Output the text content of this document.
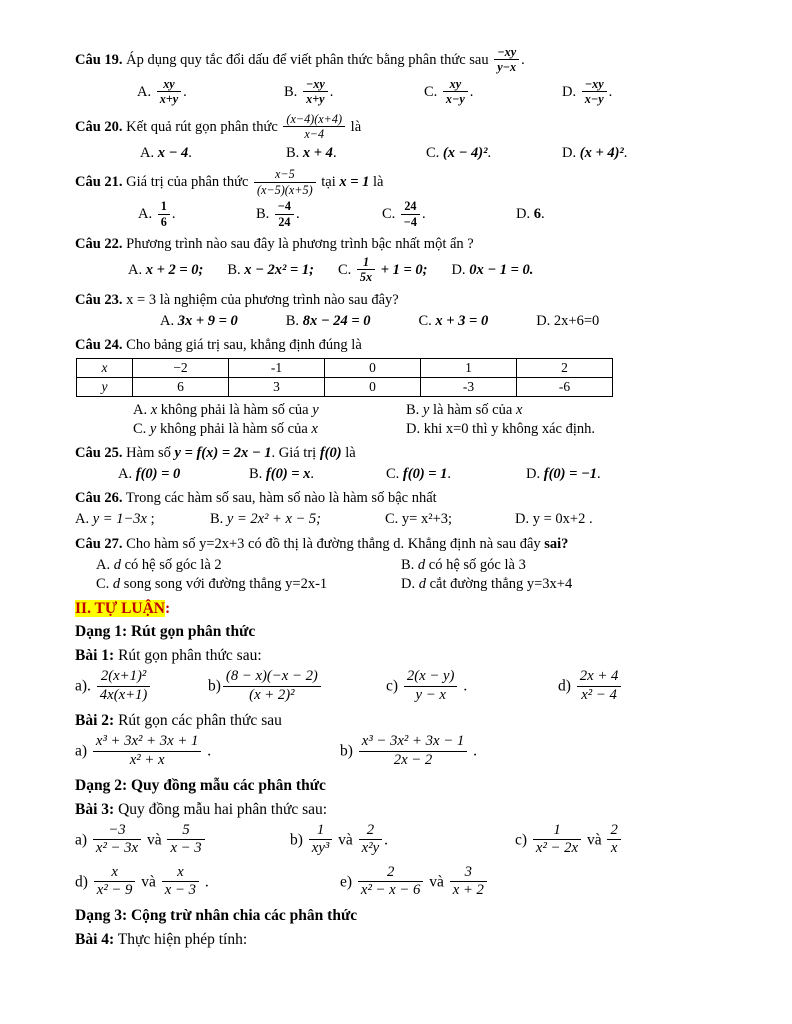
Câu 19. Áp dụng quy tắc đổi dấu để viết phân thức bằng phân thức sau $\frac{-xy}{y-x}$ .

A. $\frac{xy}{x+y}$ .	B. $\frac{-xy}{x+y}$ .	C. $\frac{xy}{x-y}$ .	D. $\frac{-xy}{x-y}$ .

Câu 20. Kết quả rút gọn phân thức $\frac{(x-4)(x+4)}{x-4}$ là

A. x − 4.	B. x + 4.	C. (x − 4)².	D. (x + 4)².

Câu 21. Giá trị của phân thức $\frac{x-5}{(x-5)(x+5)}$ tại x = 1 là

A. $\frac{1}{6}$ .	B. $\frac{-4}{24}$ .	C. $\frac{24}{-4}$ .	D. 6.

Câu 22. Phương trình nào sau đây là phương trình bậc nhất một ẩn ?

A. x + 2 = 0; B. x − 2x² = 1; C. $\frac{1}{5x} + 1 = 0$; D. 0x − 1 = 0.

Câu 23. x = 3 là nghiệm của phương trình nào sau đây?

A. 3x + 9 = 0	B. 8x − 24 = 0	C. x + 3 = 0	D. 2x+6=0

Câu 24. Cho bảng giá trị sau, khẳng định đúng là

x	−2	-1	0	1	2
y	6	3	0	-3	-6
A. x không phải là hàm số của y	B. y là hàm số của x
C. y không phải là hàm số của x	D. khi x=0 thì y không xác định.

Câu 25. Hàm số y = f(x) = 2x − 1. Giá trị f(0) là

A. f(0) = 0	B. f(0) = x.	C. f(0) = 1.	D. f(0) = −1.

Câu 26. Trong các hàm số sau, hàm số nào là hàm số bậc nhất

A. y = 1−3x ;	B. y = 2x² + x − 5;	C. y= x²+3;	D. y = 0x+2 .

Câu 27. Cho hàm số y=2x+3 có đồ thị là đường thẳng d. Khẳng định nà sau đây sai?

A. d có hệ số góc là 2	B. d có hệ số góc là 3
C. d song song với đường thẳng y=2x-1	D. d cắt đường thẳng y=3x+4

II. TỰ LUẬN:

Dạng 1: Rút gọn phân thức

Bài 1: Rút gọn phân thức sau:

a). $\frac{\text{2(x+1)²}}{4x(x+1)}$	$b) \frac{(8 - x)(-x - 2)}{\text{(x + 2)²}}$	$c) \frac{2(x - y)}{y - x}$ .	$d) \frac{2x + 4}{\text{x² − 4}}$

Bài 2: Rút gọn các phân thức sau

$a) \frac{\text{x³ + 3x² + 3x + 1}}{\text{x² + x}}$ .	$b) \frac{\text{x³ − 3x² + 3x − 1}}{2x - 2}$ .

Dạng 2: Quy đồng mẫu các phân thức

Bài 3: Quy đồng mẫu hai phân thức sau:

$a) \frac{-3}{\text{x² − 3x}}$ và $\frac{5}{x - 3}$	$b) \frac{1}{\text{xy³}}$ và $\frac{2}{\text{x²y}}$ .	$c) \frac{1}{\text{x² − 2x}}$ và $\frac{2}{x}$
$d) \frac{x}{\text{x² − 9}}$ và $\frac{x}{x - 3}$ .	$e) \frac{2}{\text{x² − x − 6}}$ và $\frac{3}{x + 2}$

Dạng 3: Cộng trừ nhân chia các phân thức

Bài 4: Thực hiện phép tính:
